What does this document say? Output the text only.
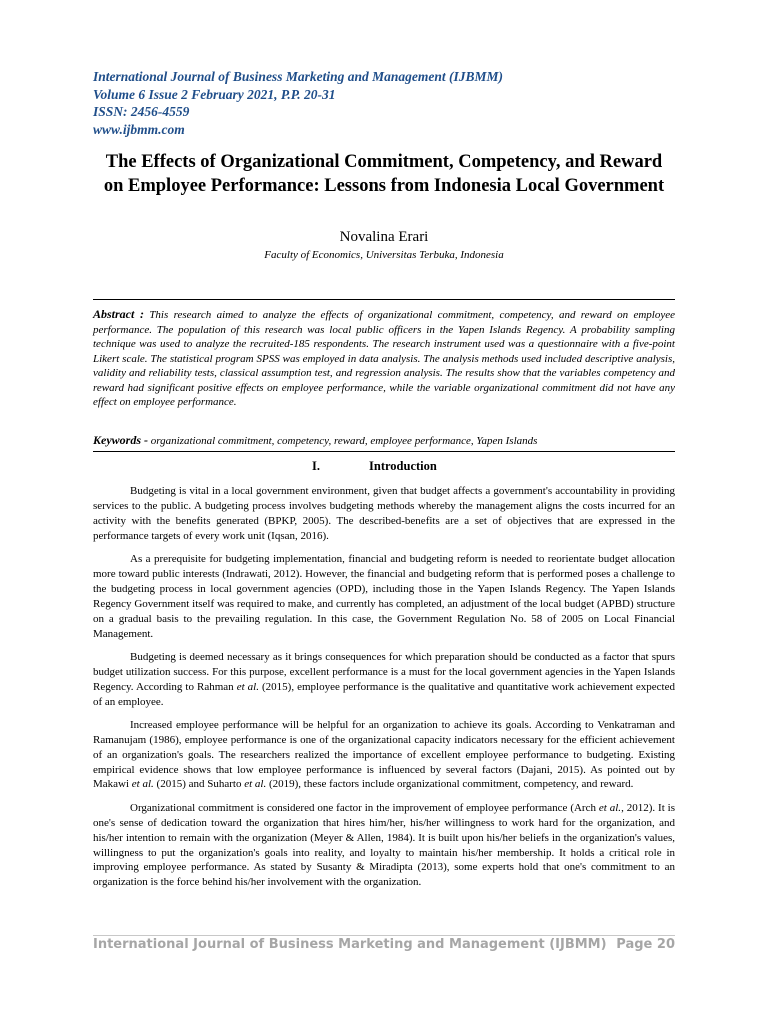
International Journal of Business Marketing and Management (IJBMM)
Volume 6 Issue 2 February 2021, P.P. 20-31
ISSN: 2456-4559
www.ijbmm.com
The Effects of Organizational Commitment, Competency, and Reward on Employee Performance: Lessons from Indonesia Local Government
Novalina Erari
Faculty of Economics, Universitas Terbuka, Indonesia
Abstract : This research aimed to analyze the effects of organizational commitment, competency, and reward on employee performance. The population of this research was local public officers in the Yapen Islands Regency. A probability sampling technique was used to analyze the recruited-185 respondents. The research instrument used was a questionnaire with a five-point Likert scale. The statistical program SPSS was employed in data analysis. The analysis methods used included descriptive analysis, validity and reliability tests, classical assumption test, and regression analysis. The results show that the variables competency and reward had significant positive effects on employee performance, while the variable organizational commitment did not have any effect on employee performance.
Keywords - organizational commitment, competency, reward, employee performance, Yapen Islands
I.	Introduction

Budgeting is vital in a local government environment, given that budget affects a government's accountability in providing services to the public. A budgeting process involves budgeting methods whereby the management aligns the costs incurred for an activity with the benefits generated (BPKP, 2005). The described-benefits are a set of objectives that are expressed in the performance targets of every work unit (Iqsan, 2016).

As a prerequisite for budgeting implementation, financial and budgeting reform is needed to reorientate budget allocation more toward public interests (Indrawati, 2012). However, the financial and budgeting reform that is performed poses a challenge to the budgeting process in local government agencies (OPD), including those in the Yapen Islands Regency. The Yapen Islands Regency Government itself was required to make, and currently has completed, an adjustment of the local budget (APBD) structure on a gradual basis to the prevailing regulation. In this case, the Government Regulation No. 58 of 2005 on Local Financial Management.

Budgeting is deemed necessary as it brings consequences for which preparation should be conducted as a factor that spurs budget utilization success. For this purpose, excellent performance is a must for the local government agencies in the Yapen Islands Regency. According to Rahman et al. (2015), employee performance is the qualitative and quantitative work achievement expected of an employee.

Increased employee performance will be helpful for an organization to achieve its goals. According to Venkatraman and Ramanujam (1986), employee performance is one of the organizational capacity indicators necessary for the efficient achievement of an organization's goals. The researchers realized the importance of excellent employee performance to budgeting. Existing empirical evidence shows that low employee performance is influenced by several factors (Dajani, 2015). As pointed out by Makawi et al. (2015) and Suharto et al. (2019), these factors include organizational commitment, competency, and reward.

Organizational commitment is considered one factor in the improvement of employee performance (Arch et al., 2012). It is one's sense of dedication toward the organization that hires him/her, his/her willingness to work hard for the organization, and his/her intention to remain with the organization (Meyer & Allen, 1984). It is built upon his/her beliefs in the organization's values, willingness to put the organization's goals into reality, and loyalty to maintain his/her membership. It holds a critical role in improving employee performance. As stated by Susanty & Miradipta (2013), some experts hold that one's commitment to an organization is the force behind his/her involvement with the organization.

International Journal of Business Marketing and Management (IJBMM) Page 20
